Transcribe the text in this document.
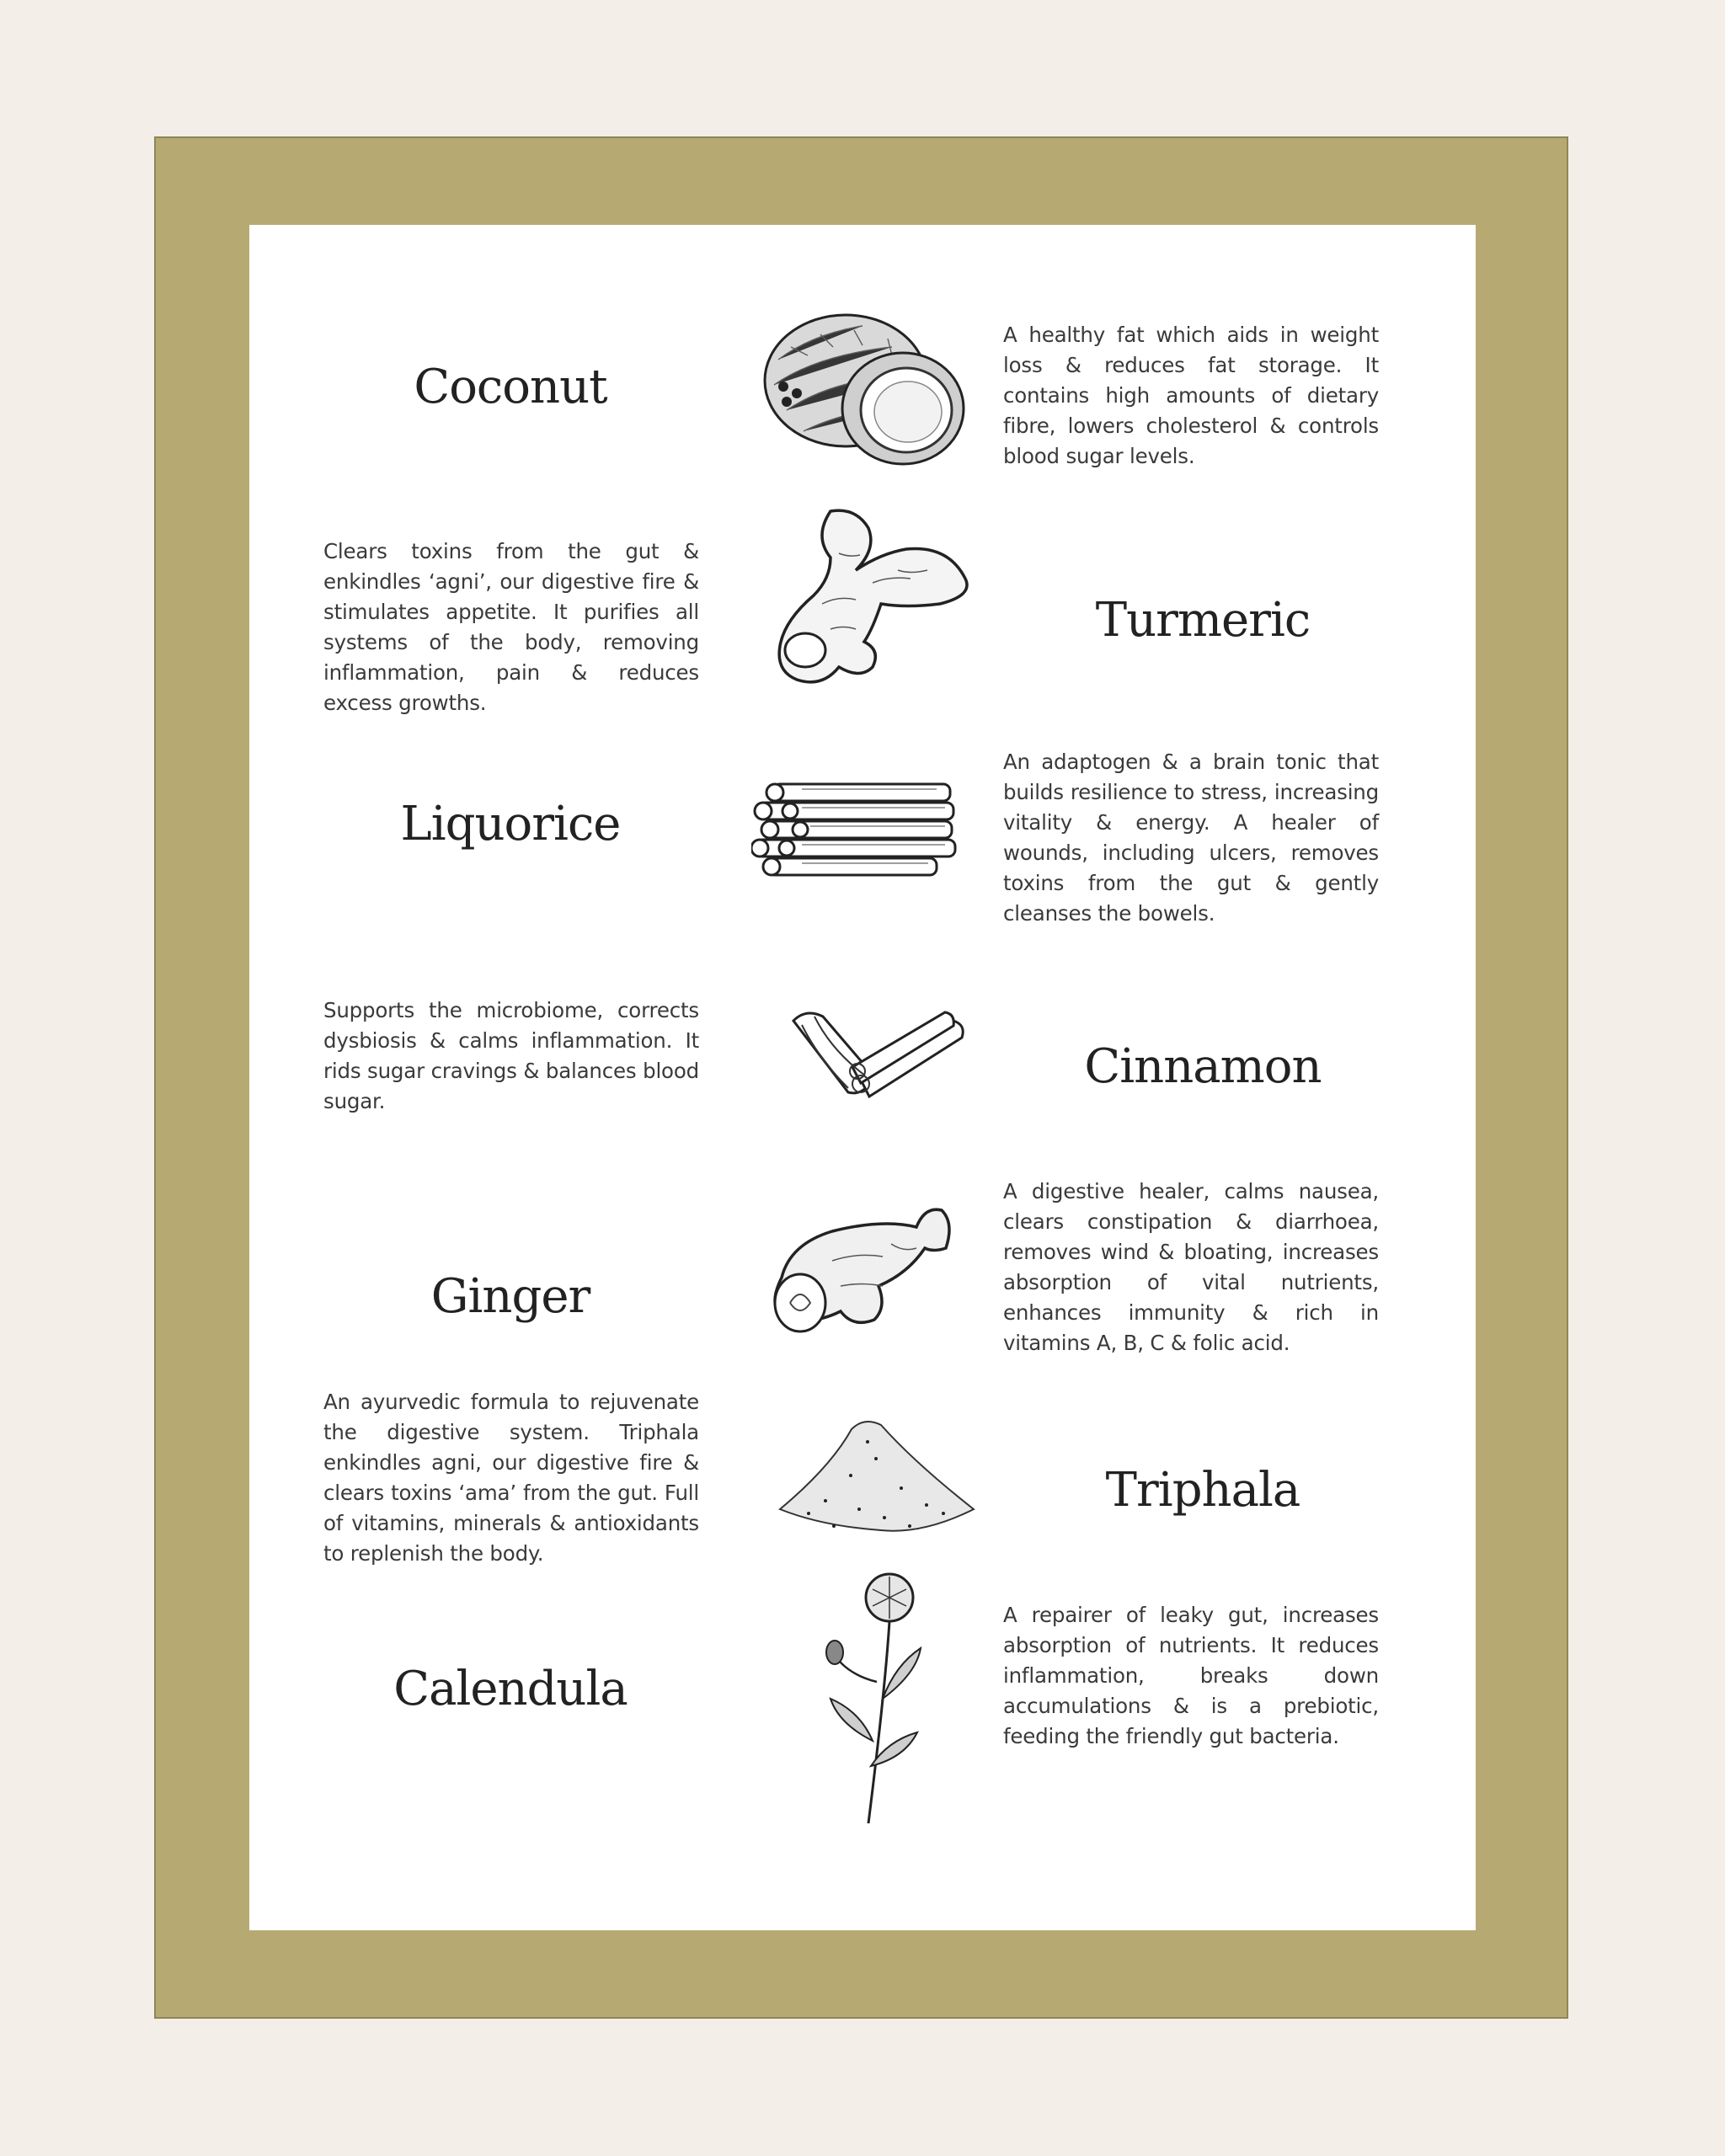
Coconut
A healthy fat which aids in weight loss & reduces fat storage. It contains high amounts of dietary fibre, lowers cholesterol & controls blood sugar levels.
Clears toxins from the gut & enkindles ‘agni’, our digestive fire & stimulates appetite. It purifies all systems of the body, removing inflammation, pain & reduces excess growths.
Turmeric
Liquorice
An adaptogen & a brain tonic that builds resilience to stress, increasing vitality & energy. A healer of wounds, including ulcers, removes toxins from the gut & gently cleanses the bowels.
Supports the microbiome, corrects dysbiosis & calms inflammation. It rids sugar cravings & balances blood sugar.
Cinnamon
Ginger
A digestive healer, calms nausea, clears constipation & diarrhoea, removes wind & bloating, increases absorption of vital nutrients, enhances immunity & rich in vitamins A, B, C & folic acid.
An ayurvedic formula to rejuvenate the digestive system. Triphala enkindles agni, our digestive fire & clears toxins ‘ama’ from the gut. Full of vitamins, minerals & antioxidants to replenish the body.
Triphala
Calendula
A repairer of leaky gut, increases absorption of nutrients. It reduces inflammation, breaks down accumulations & is a prebiotic, feeding the friendly gut bacteria.
